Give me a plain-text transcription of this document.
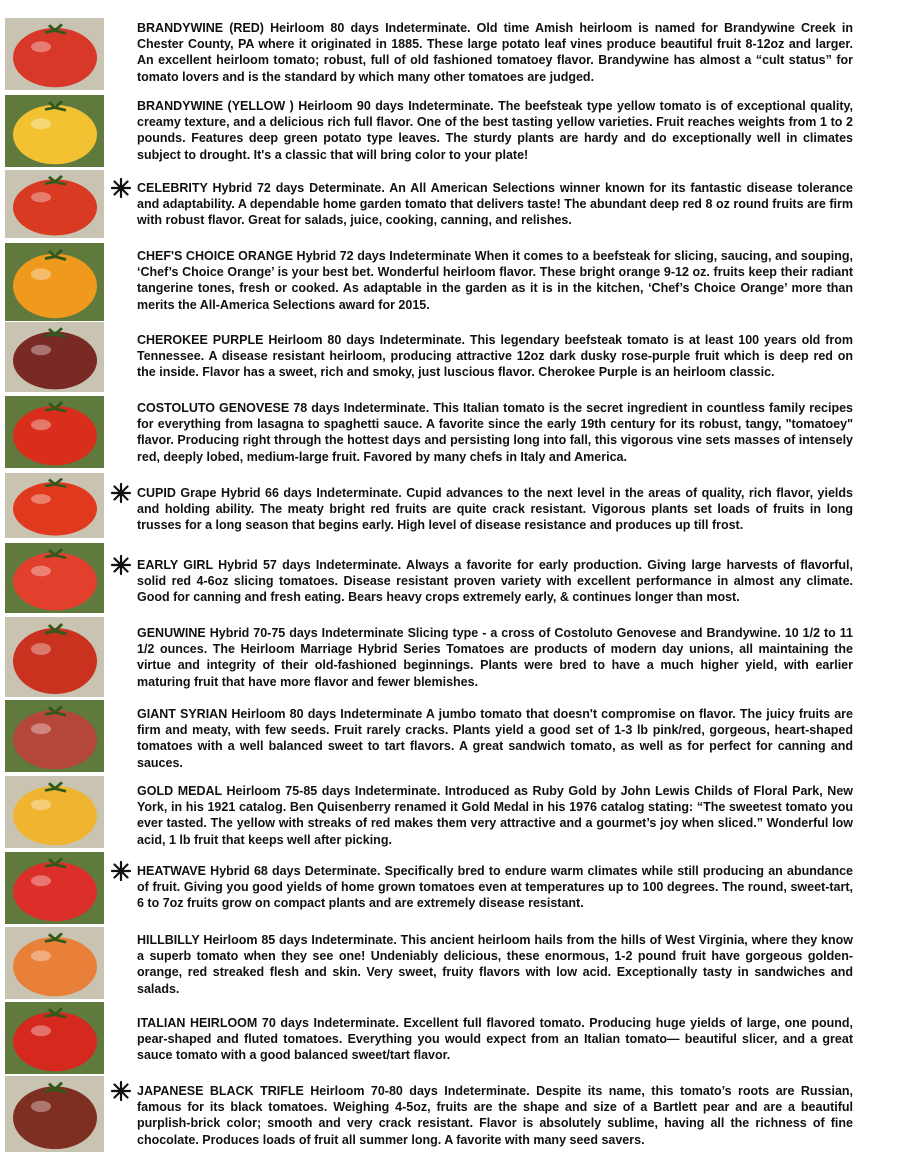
BRANDYWINE (RED) Heirloom 80 days Indeterminate. Old time Amish heirloom is named for Brandywine Creek in Chester County, PA where it originated in 1885. These large potato leaf vines produce beautiful fruit 8-12oz and larger. An excellent heirloom tomato; robust, full of old fashioned tomatoey flavor. Brandywine has almost a “cult status” for tomato lovers and is the standard by which many other tomatoes are judged.

BRANDYWINE (YELLOW ) Heirloom 90 days Indeterminate. The beefsteak type yellow tomato is of exceptional quality, creamy texture, and a delicious rich full flavor. One of the best tasting yellow varieties. Fruit reaches weights from 1 to 2 pounds. Features deep green potato type leaves. The sturdy plants are hardy and do exceptionally well in climates subject to drought. It's a classic that will bring color to your plate!

CELEBRITY Hybrid 72 days Determinate. An All American Selections winner known for its fantastic disease tolerance and adaptability. A dependable home garden tomato that delivers taste! The abundant deep red 8 oz round fruits are firm with robust flavor. Great for salads, juice, cooking, canning, and relishes.

CHEF'S CHOICE ORANGE Hybrid 72 days Indeterminate When it comes to a beefsteak for slicing, saucing, and souping, ‘Chef’s Choice Orange’ is your best bet. Wonderful heirloom flavor. These bright orange 9-12 oz. fruits keep their radiant tangerine tones, fresh or cooked. As adaptable in the garden as it is in the kitchen, ‘Chef’s Choice Orange’ more than merits the All-America Selections award for 2015.

CHEROKEE PURPLE Heirloom 80 days Indeterminate. This legendary beefsteak tomato is at least 100 years old from Tennessee. A disease resistant heirloom, producing attractive 12oz dark dusky rose-purple fruit which is deep red on the inside. Flavor has a sweet, rich and smoky, just luscious flavor. Cherokee Purple is an heirloom classic.

COSTOLUTO GENOVESE 78 days Indeterminate. This Italian tomato is the secret ingredient in countless family recipes for everything from lasagna to spaghetti sauce. A favorite since the early 19th century for its robust, tangy, "tomatoey" flavor. Producing right through the hottest days and persisting long into fall, this vigorous vine sets masses of intensely red, deeply lobed, medium-large fruit. Favored by many chefs in Italy and America.

CUPID Grape Hybrid 66 days Indeterminate. Cupid advances to the next level in the areas of quality, rich flavor, yields and holding ability. The meaty bright red fruits are quite crack resistant. Vigorous plants set loads of fruits in long trusses for a long season that begins early. High level of disease resistance and produces up till frost.

EARLY GIRL Hybrid 57 days Indeterminate. Always a favorite for early production. Giving large harvests of flavorful, solid red 4-6oz slicing tomatoes. Disease resistant proven variety with excellent performance in almost any climate. Good for canning and fresh eating. Bears heavy crops extremely early, & continues longer than most.

GENUWINE Hybrid 70-75 days Indeterminate Slicing type - a cross of Costoluto Genovese and Brandywine. 10 1/2 to 11 1/2 ounces. The Heirloom Marriage Hybrid Series Tomatoes are products of modern day unions, all maintaining the virtue and integrity of their old-fashioned beginnings. Plants were bred to have a much higher yield, with earlier maturing fruit that have more flavor and fewer blemishes.

GIANT SYRIAN Heirloom 80 days Indeterminate A jumbo tomato that doesn't compromise on flavor. The juicy fruits are firm and meaty, with few seeds. Fruit rarely cracks. Plants yield a good set of 1-3 lb pink/red, gorgeous, heart-shaped tomatoes with a well balanced sweet to tart flavors. A great sandwich tomato, as well as for perfect for canning and sauces.

GOLD MEDAL Heirloom 75-85 days Indeterminate. Introduced as Ruby Gold by John Lewis Childs of Floral Park, New York, in his 1921 catalog. Ben Quisenberry renamed it Gold Medal in his 1976 catalog stating: “The sweetest tomato you ever tasted. The yellow with streaks of red makes them very attractive and a gourmet’s joy when sliced.” Wonderful low acid, 1 lb fruit that keeps well after picking.

HEATWAVE Hybrid 68 days Determinate. Specifically bred to endure warm climates while still producing an abundance of fruit. Giving you good yields of home grown tomatoes even at temperatures up to 100 degrees. The round, sweet-tart, 6 to 7oz fruits grow on compact plants and are extremely disease resistant.

HILLBILLY Heirloom 85 days Indeterminate. This ancient heirloom hails from the hills of West Virginia, where they know a superb tomato when they see one! Undeniably delicious, these enormous, 1-2 pound fruit have gorgeous golden-orange, red streaked flesh and skin. Very sweet, fruity flavors with low acid. Exceptionally tasty in sandwiches and salads.

ITALIAN HEIRLOOM 70 days Indeterminate. Excellent full flavored tomato. Producing huge yields of large, one pound, pear-shaped and fluted tomatoes. Everything you would expect from an Italian tomato— beautiful slicer, and a great sauce tomato with a good balanced sweet/tart flavor.

JAPANESE BLACK TRIFLE Heirloom 70-80 days Indeterminate. Despite its name, this tomato’s roots are Russian, famous for its black tomatoes. Weighing 4-5oz, fruits are the shape and size of a Bartlett pear and are a beautiful purplish-brick color; smooth and very crack resistant. Flavor is absolutely sublime, having all the richness of fine chocolate. Produces loads of fruit all summer long. A favorite with many seed savers.
